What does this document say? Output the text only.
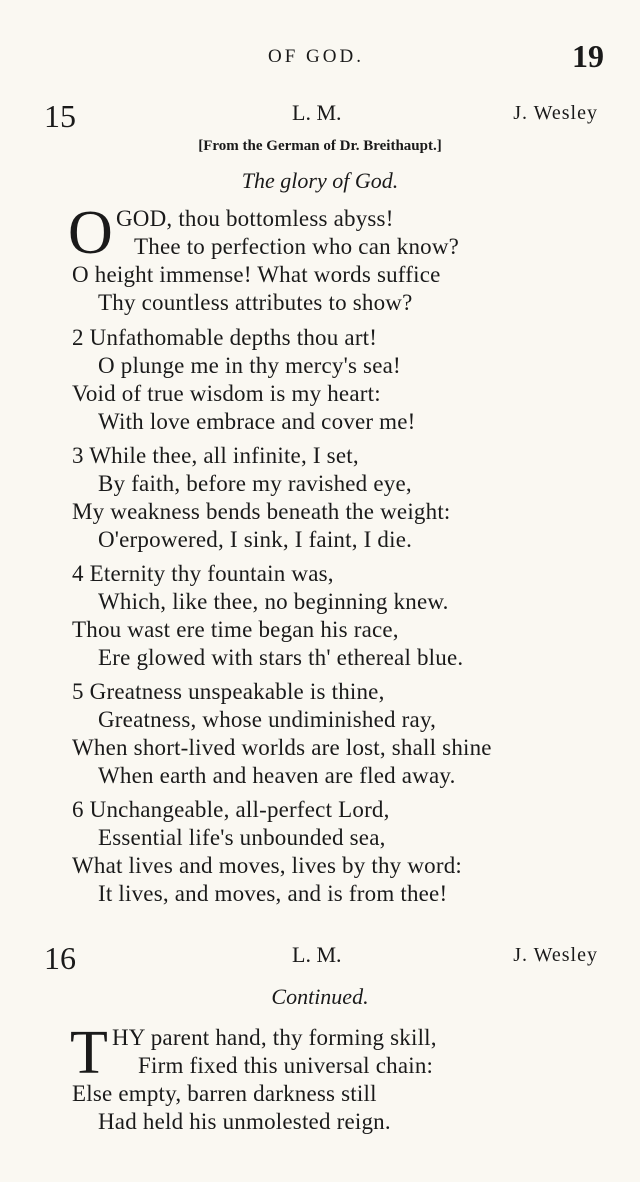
OF GOD.	19
15	L. M.	J. Wesley
[From the German of Dr. Breithaupt.]
The glory of God.
O GOD, thou bottomless abyss!
Thee to perfection who can know?
O height immense! What words suffice
Thy countless attributes to show?
2 Unfathomable depths thou art!
O plunge me in thy mercy's sea!
Void of true wisdom is my heart:
With love embrace and cover me!
3 While thee, all infinite, I set,
By faith, before my ravished eye,
My weakness bends beneath the weight:
O'erpowered, I sink, I faint, I die.
4 Eternity thy fountain was,
Which, like thee, no beginning knew.
Thou wast ere time began his race,
Ere glowed with stars th' ethereal blue.
5 Greatness unspeakable is thine,
Greatness, whose undiminished ray,
When short-lived worlds are lost, shall shine
When earth and heaven are fled away.
6 Unchangeable, all-perfect Lord,
Essential life's unbounded sea,
What lives and moves, lives by thy word:
It lives, and moves, and is from thee!
16	L. M.	J. Wesley
Continued.
T HY parent hand, thy forming skill,
Firm fixed this universal chain:
Else empty, barren darkness still
Had held his unmolested reign.
